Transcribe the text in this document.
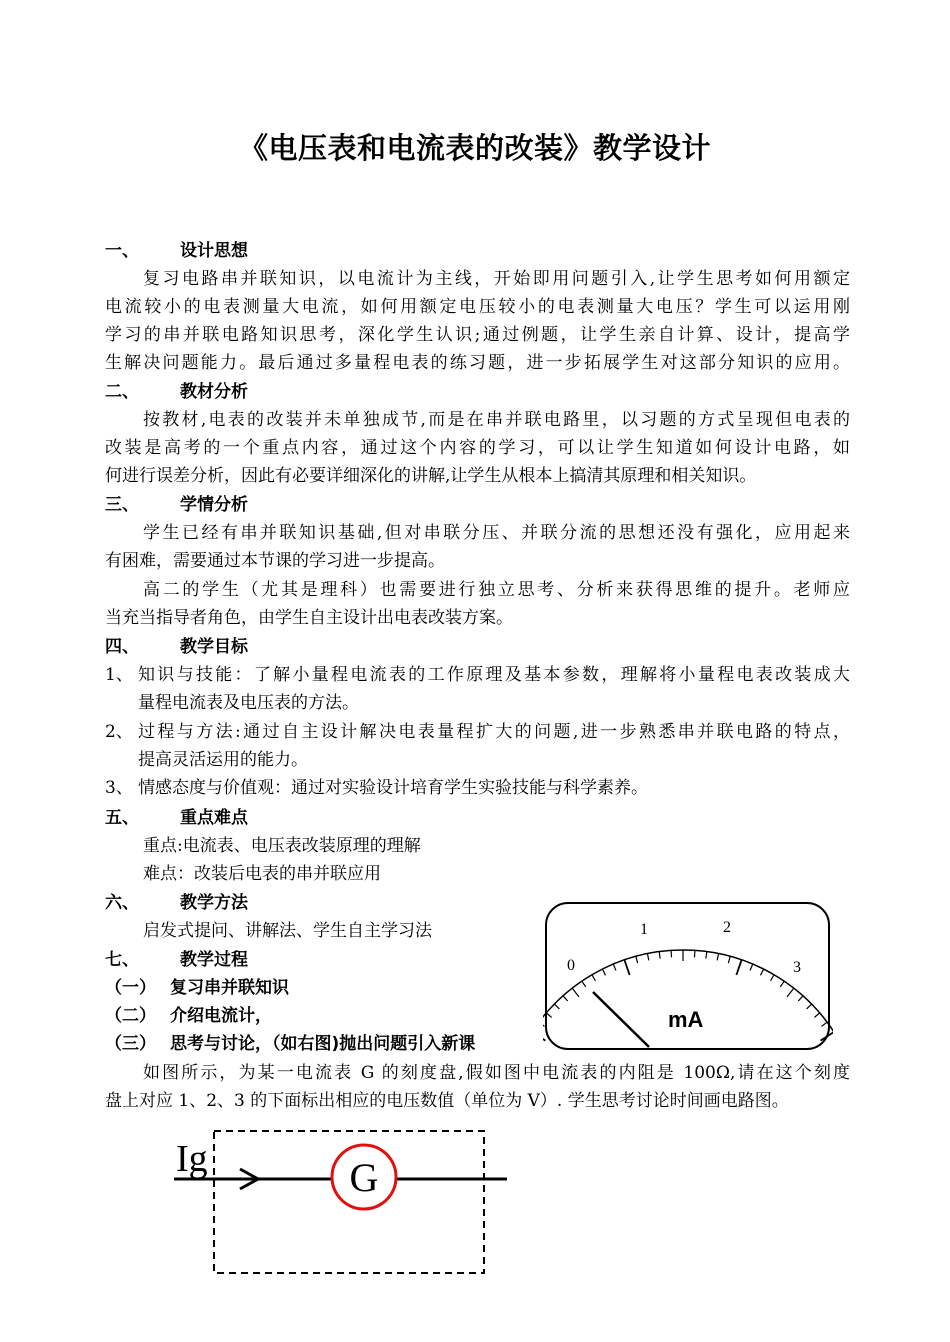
《电压表和电流表的改装》教学设计
一、 设计思想
复习电路串并联知识，以电流计为主线，开始即用问题引入,让学生思考如何用额定
电流较小的电表测量大电流，如何用额定电压较小的电表测量大电压？学生可以运用刚
学习的串并联电路知识思考，深化学生认识;通过例题，让学生亲自计算、设计，提高学
生解决问题能力。最后通过多量程电表的练习题，进一步拓展学生对这部分知识的应用。
二、 教材分析
按教材,电表的改装并未单独成节,而是在串并联电路里，以习题的方式呈现但电表的
改装是高考的一个重点内容，通过这个内容的学习，可以让学生知道如何设计电路，如
何进行误差分析，因此有必要详细深化的讲解,让学生从根本上搞清其原理和相关知识。
三、 学情分析
学生已经有串并联知识基础,但对串联分压、并联分流的思想还没有强化，应用起来
有困难，需要通过本节课的学习进一步提高。
高二的学生（尤其是理科）也需要进行独立思考、分析来获得思维的提升。老师应
当充当指导者角色，由学生自主设计出电表改装方案。
四、 教学目标
1、 知识与技能：了解小量程电流表的工作原理及基本参数，理解将小量程电表改装成大
量程电流表及电压表的方法。
2、 过程与方法:通过自主设计解决电表量程扩大的问题,进一步熟悉串并联电路的特点，
提高灵活运用的能力。
3、 情感态度与价值观：通过对实验设计培育学生实验技能与科学素养。
五、 重点难点
重点:电流表、电压表改装原理的理解
难点：改装后电表的串并联应用
六、 教学方法
启发式提问、讲解法、学生自主学习法
七、 教学过程
（一） 复习串并联知识
（二） 介绍电流计，
（三） 思考与讨论，（如右图)抛出问题引入新课
如图所示，为某一电流表 G 的刻度盘,假如图中电流表的内阻是 100Ω,请在这个刻度
盘上对应 1、2、3 的下面标出相应的电压数值（单位为 V）. 学生思考讨论时间画电路图。
0
1	2
3
mA
Ig	G
